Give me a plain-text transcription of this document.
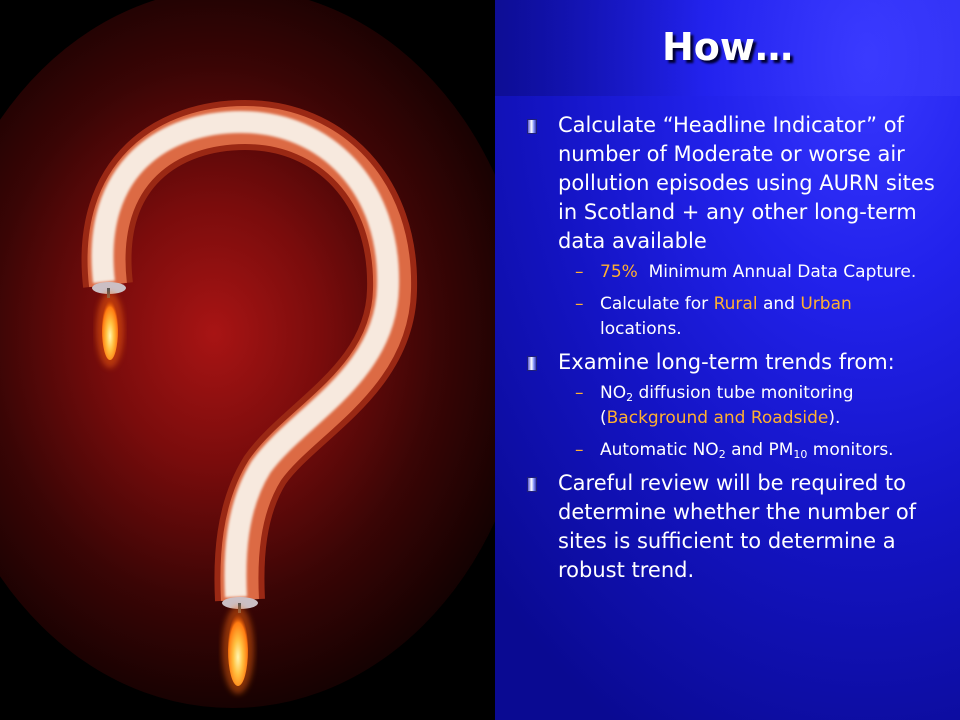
How…
Calculate “Headline Indicator” of number of Moderate or worse air pollution episodes using AURN sites in Scotland + any other long-term data available
– 75%  Minimum Annual Data Capture.
– Calculate for Rural and Urban locations.
Examine long-term trends from:
– $NO_2$ diffusion tube monitoring (Background and Roadside).
– Automatic $NO_2$ and $PM_{10}$ monitors.
Careful review will be required to determine whether the number of sites is sufficient to determine a robust trend.
